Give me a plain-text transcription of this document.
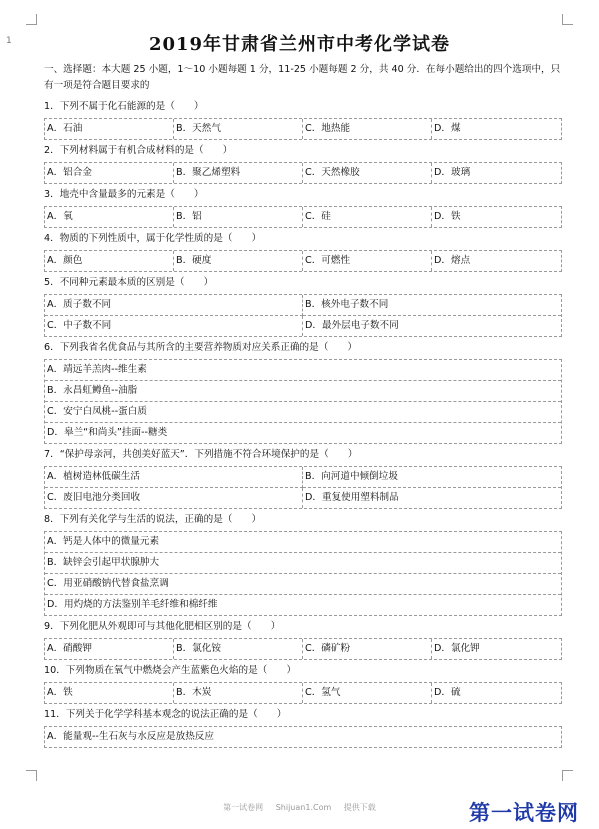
1	2019年甘肃省兰州市中考化学试卷
一、选择题：本大题 25 小题，1～10 小题每题 1 分，11-25 小题每题 2 分，共 40 分．在每小题给出的四个选项中，只有一项是符合题目要求的
1．下列不属于化石能源的是（　　）
A．石油	B．天然气	C．地热能	D．煤
2．下列材料属于有机合成材料的是（　　）
A．铝合金	B．聚乙烯塑料	C．天然橡胶	D．玻璃
3．地壳中含量最多的元素是（　　）
A．氧	B．铝	C．硅	D．铁
4．物质的下列性质中，属于化学性质的是（　　）
A．颜色	B．硬度	C．可燃性	D．熔点
5．不同种元素最本质的区别是（　　）
A．质子数不同	B．核外电子数不同
C．中子数不同	D．最外层电子数不同
6．下列我省名优食品与其所含的主要营养物质对应关系正确的是（　　）
A．靖远羊羔肉--维生素
B．永昌虹鳟鱼--油脂
C．安宁白凤桃--蛋白质
D．皋兰“和尚头”挂面--糖类
7．“保护母亲河，共创美好蓝天”．下列措施不符合环境保护的是（　　）
A．植树造林低碳生活	B．向河道中倾倒垃圾
C．废旧电池分类回收	D．重复使用塑料制品
8．下列有关化学与生活的说法，正确的是（　　）
A．钙是人体中的微量元素
B．缺锌会引起甲状腺肿大
C．用亚硝酸钠代替食盐烹调
D．用灼烧的方法鉴别羊毛纤维和棉纤维
9．下列化肥从外观即可与其他化肥相区别的是（　　）
A．硝酸钾	B．氯化铵	C．磷矿粉	D．氯化钾
10．下列物质在氧气中燃烧会产生蓝紫色火焰的是（　　）
A．铁	B．木炭	C．氢气	D．硫
11．下列关于化学学科基本观念的说法正确的是（　　）
A．能量观--生石灰与水反应是放热反应
第一试卷网 Shijuan1.Com 提供下载	第一试卷网
